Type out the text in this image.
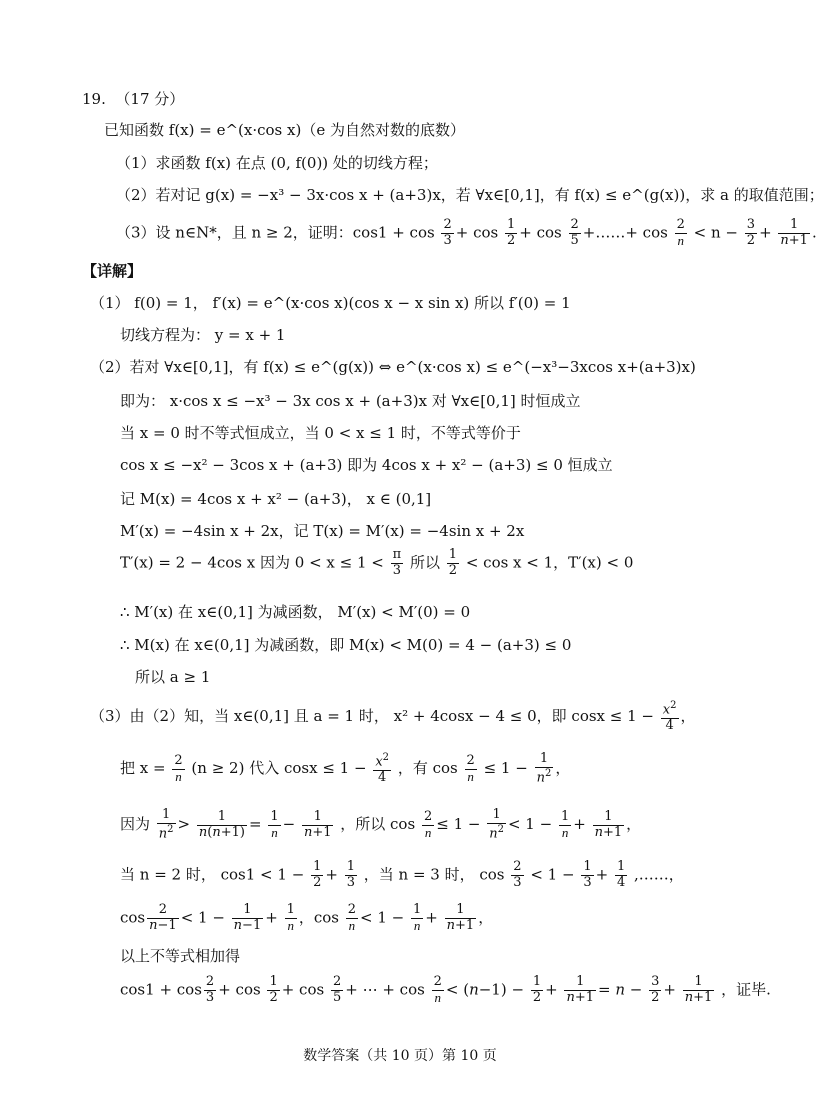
19. （17 分）
已知函数 f(x) = e^(x·cos x)（e 为自然对数的底数）
（1）求函数 f(x) 在点 (0, f(0)) 处的切线方程；
（2）若对记 g(x) = −x³ − 3x·cos x + (a+3)x，若 ∀x∈[0,1]，有 f(x) ≤ e^(g(x))，求 a 的取值范围；
（3）设 n∈N*，且 n ≥ 2，证明：$\cos 1 + \cos \frac{2}{3} + \cos \frac{1}{2} + \cos \frac{2}{5}$ +……+ $\cos \frac{2}{n} < n - \frac{3}{2} + \frac{1}{n+1}$ .
【详解】
（1） f(0) = 1， f′(x) = e^(x·cos x)(cos x − x sin x) 所以 f′(0) = 1
切线方程为： y = x + 1
（2）若对 ∀x∈[0,1]，有 f(x) ≤ e^(g(x)) ⇔ e^(x·cos x) ≤ e^(−x³−3xcos x+(a+3)x)
即为： x·cos x ≤ −x³ − 3x cos x + (a+3)x 对 ∀x∈[0,1] 时恒成立
当 x = 0 时不等式恒成立，当 0 < x ≤ 1 时，不等式等价于
cos x ≤ −x² − 3cos x + (a+3) 即为 4cos x + x² − (a+3) ≤ 0 恒成立
记 M(x) = 4cos x + x² − (a+3)， x ∈ (0,1]
M′(x) = −4sin x + 2x，记 T(x) = M′(x) = −4sin x + 2x
T′(x) = 2 − 4cos x 因为 $0 < x \le 1 < \frac{\pi}{3}$ 所以 $\frac{1}{2} < \cos x < 1$，T′(x) < 0
∴ M′(x) 在 x∈(0,1] 为减函数， M′(x) < M′(0) = 0
∴ M(x) 在 x∈(0,1] 为减函数，即 M(x) < M(0) = 4 − (a+3) ≤ 0
所以 a ≥ 1
（3）由（2）知，当 x∈(0,1] 且 a = 1 时， x² + 4cosx − 4 ≤ 0，即 $\cos x \le 1 - \frac{x^2}{4}$ ，
把 $x = \frac{2}{n} (n \ge 2)$ 代入 $\cos x \le 1 - \frac{x^2}{4}$ ，有 $\cos \frac{2}{n} \le 1 - \frac{1}{n^2}$ ，
因为 $\frac{1}{n^2} > \frac{1}{n(n+1)} = \frac{1}{n} - \frac{1}{n+1}$ ，所以 $\cos \frac{2}{n} \le 1 - \frac{1}{n^2} < 1 - \frac{1}{n} + \frac{1}{n+1}$ ，
当 n = 2 时， $\cos 1 < 1 - \frac{1}{2} + \frac{1}{3}$ ，当 n = 3 时， $\cos \frac{2}{3} < 1 - \frac{1}{3} + \frac{1}{4}$ ,……，
$\cos \frac{2}{n-1} < 1 - \frac{1}{n-1} + \frac{1}{n}$ ，$\cos \frac{2}{n} < 1 - \frac{1}{n} + \frac{1}{n+1}$ ，
以上不等式相加得
$\cos 1 + \cos \frac{2}{3} + \cos \frac{1}{2} + \cos \frac{2}{5}$ + ⋯ + $\cos \frac{2}{n} < (n-1) - \frac{1}{2} + \frac{1}{n+1} = n - \frac{3}{2} + \frac{1}{n+1}$ ，证毕.
数学答案（共 10 页）第 10 页
